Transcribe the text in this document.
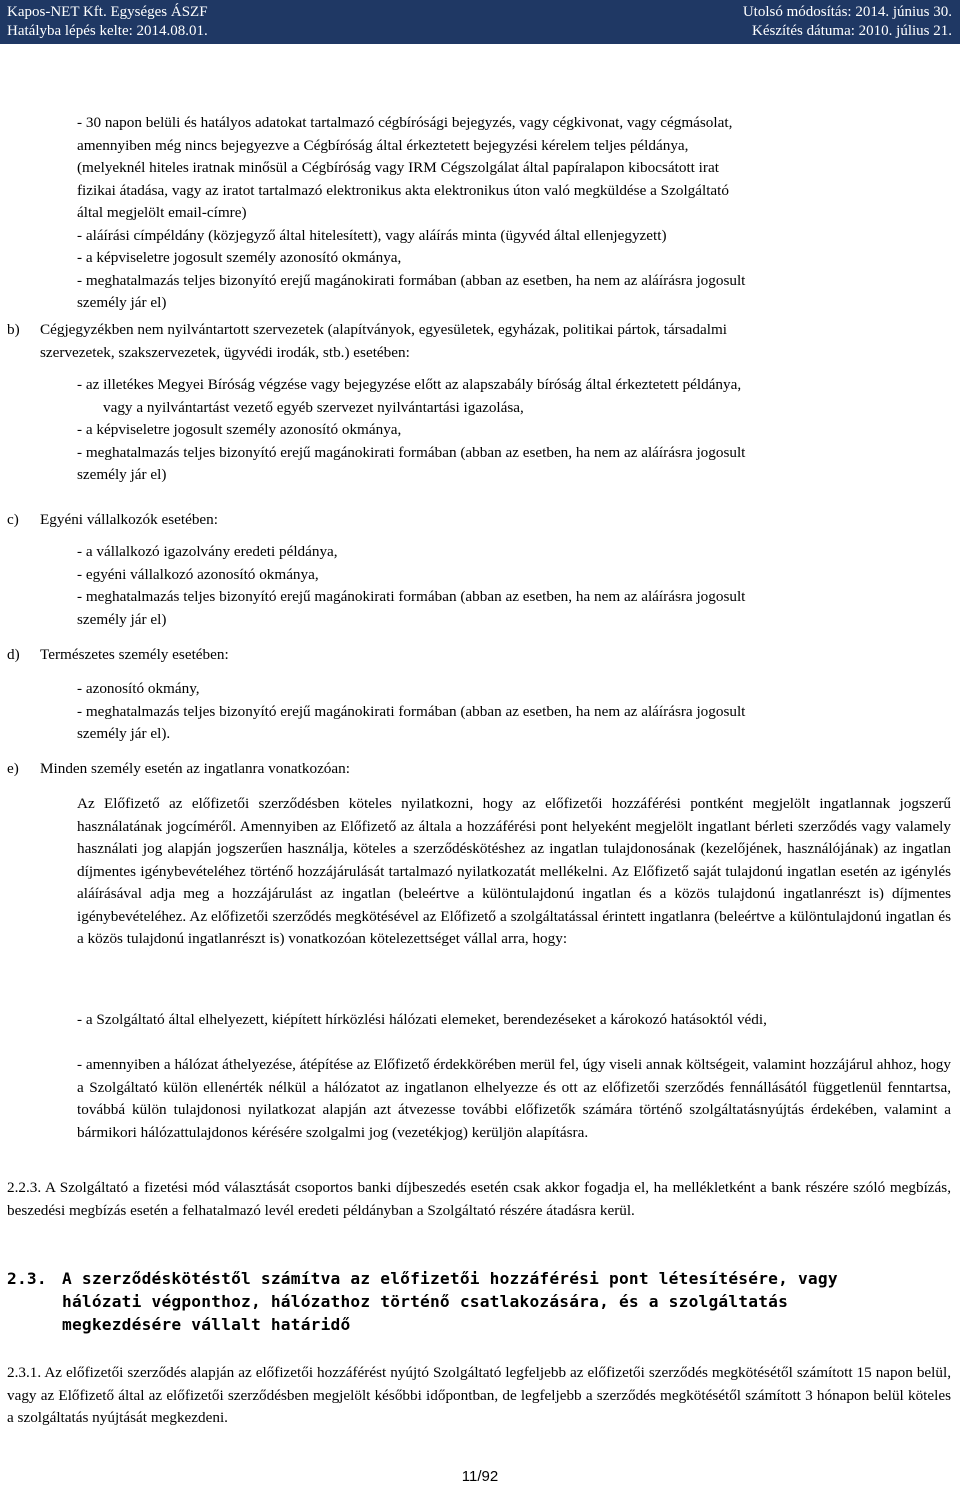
Kapos-NET Kft. Egységes ÁSZF
Hatályba lépés kelte: 2014.08.01.
Utolsó módosítás: 2014. június 30.
Készítés dátuma: 2010. július 21.
- 30 napon belüli és hatályos adatokat tartalmazó cégbírósági bejegyzés, vagy cégkivonat, vagy cégmásolat,
amennyiben még nincs bejegyezve a Cégbíróság által érkeztetett bejegyzési kérelem teljes példánya,
(melyeknél hiteles iratnak minősül a Cégbíróság vagy IRM Cégszolgálat által papíralapon kibocsátott irat
fizikai átadása, vagy az iratot tartalmazó elektronikus akta elektronikus úton való megküldése a Szolgáltató
által megjelölt email-címre)
- aláírási címpéldány (közjegyző által hitelesített), vagy aláírás minta (ügyvéd által ellenjegyzett)
- a képviseletre jogosult személy azonosító okmánya,
- meghatalmazás teljes bizonyító erejű magánokirati formában (abban az esetben, ha nem az aláírásra jogosult
személy jár el)
b) Cégjegyzékben nem nyilvántartott szervezetek (alapítványok, egyesületek, egyházak, politikai pártok, társadalmi
szervezetek, szakszervezetek, ügyvédi irodák, stb.) esetében:
- az illetékes Megyei Bíróság végzése vagy bejegyzése előtt az alapszabály bíróság által érkeztetett példánya,
vagy a nyilvántartást vezető egyéb szervezet nyilvántartási igazolása,
- a képviseletre jogosult személy azonosító okmánya,
- meghatalmazás teljes bizonyító erejű magánokirati formában (abban az esetben, ha nem az aláírásra jogosult
személy jár el)
c) Egyéni vállalkozók esetében:
- a vállalkozó igazolvány eredeti példánya,
- egyéni vállalkozó azonosító okmánya,
- meghatalmazás teljes bizonyító erejű magánokirati formában (abban az esetben, ha nem az aláírásra jogosult
személy jár el)
d) Természetes személy esetében:
- azonosító okmány,
- meghatalmazás teljes bizonyító erejű magánokirati formában (abban az esetben, ha nem az aláírásra jogosult
személy jár el).
e) Minden személy esetén az ingatlanra vonatkozóan:
Az Előfizető az előfizetői szerződésben köteles nyilatkozni, hogy az előfizetői hozzáférési pontként megjelölt ingatlannak jogszerű használatának jogcíméről. Amennyiben az Előfizető az általa a hozzáférési pont helyeként megjelölt ingatlant bérleti szerződés vagy valamely használati jog alapján jogszerűen használja, köteles a szerződéskötéshez az ingatlan tulajdonosának (kezelőjének, használójának) az ingatlan díjmentes igénybevételéhez történő hozzájárulását tartalmazó nyilatkozatát mellékelni. Az Előfizető saját tulajdonú ingatlan esetén az igénylés aláírásával adja meg a hozzájárulást az ingatlan (beleértve a különtulajdonú ingatlan és a közös tulajdonú ingatlanrészt is) díjmentes igénybevételéhez. Az előfizetői szerződés megkötésével az Előfizető a szolgáltatással érintett ingatlanra (beleértve a különtulajdonú ingatlan és a közös tulajdonú ingatlanrészt is) vonatkozóan kötelezettséget vállal arra, hogy:
- a Szolgáltató által elhelyezett, kiépített hírközlési hálózati elemeket, berendezéseket a károkozó hatásoktól védi,
- amennyiben a hálózat áthelyezése, átépítése az Előfizető érdekkörében merül fel, úgy viseli annak költségeit, valamint hozzájárul ahhoz, hogy a Szolgáltató külön ellenérték nélkül a hálózatot az ingatlanon elhelyezze és ott az előfizetői szerződés fennállásától függetlenül fenntartsa, továbbá külön tulajdonosi nyilatkozat alapján azt átvezesse további előfizetők számára történő szolgáltatásnyújtás érdekében, valamint a bármikori hálózattulajdonos kérésére szolgalmi jog (vezetékjog) kerüljön alapításra.
2.2.3. A Szolgáltató a fizetési mód választását csoportos banki díjbeszedés esetén csak akkor fogadja el, ha mellékletként a bank részére szóló megbízás, beszedési megbízás esetén a felhatalmazó levél eredeti példányban a Szolgáltató részére átadásra kerül.
2.3. A szerződéskötéstől számítva az előfizetői hozzáférési pont létesítésére, vagy
hálózati végponthoz, hálózathoz történő csatlakozására, és a szolgáltatás
megkezdésére vállalt határidő
2.3.1. Az előfizetői szerződés alapján az előfizetői hozzáférést nyújtó Szolgáltató legfeljebb az előfizetői szerződés megkötésétől számított 15 napon belül, vagy az Előfizető által az előfizetői szerződésben megjelölt későbbi időpontban, de legfeljebb a szerződés megkötésétől számított 3 hónapon belül köteles a szolgáltatás nyújtását megkezdeni.
11/92
